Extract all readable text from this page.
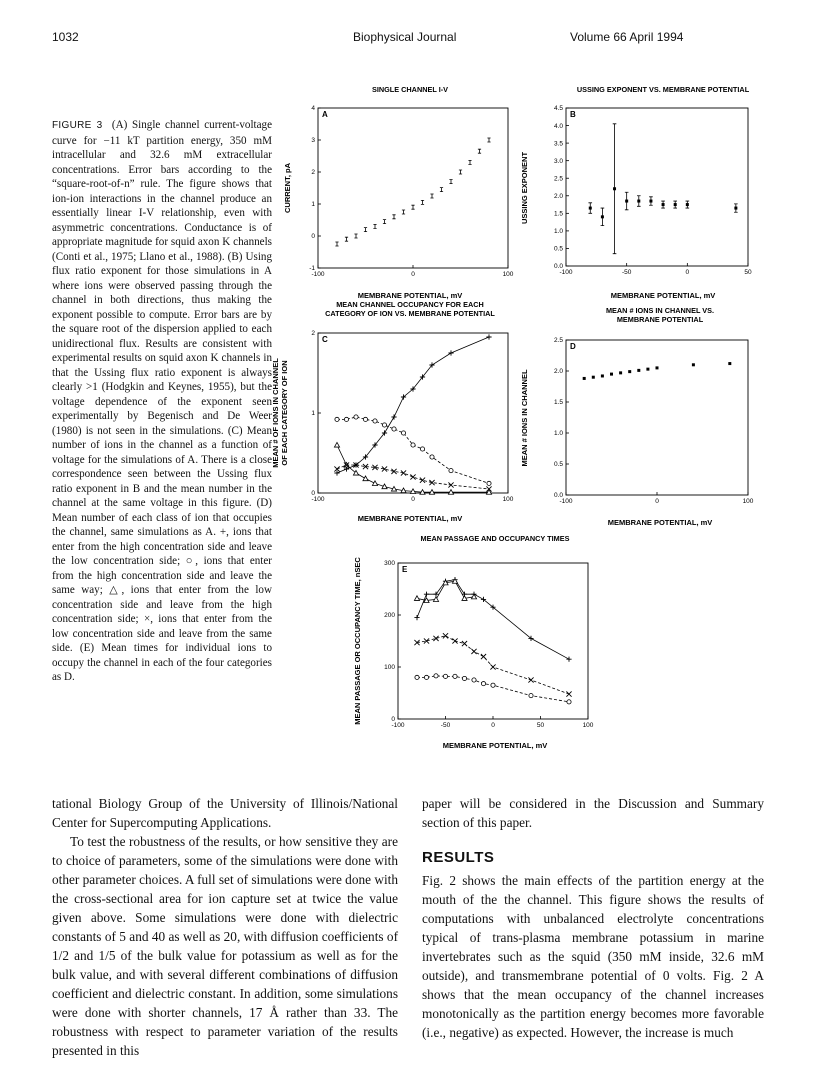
1032	Biophysical Journal	Volume 66 April 1994
FIGURE 3 (A) Single channel current-voltage curve for −11 kT partition energy, 350 mM intracellular and 32.6 mM extracellular concentrations. Error bars according to the “square-root-of-n” rule. The figure shows that ion-ion interactions in the channel produce an essentially linear I-V relationship, even with asymmetric concentrations. Conductance is of appropriate magnitude for squid axon K channels (Conti et al., 1975; Llano et al., 1988). (B) Using flux ratio exponent for those simulations in A where ions were observed passing through the channel in both directions, thus making the exponent possible to compute. Error bars are by the square root of the dispersion applied to each unidirectional flux. Results are consistent with experimental results on squid axon K channels in that the Ussing flux ratio exponent is always clearly >1 (Hodgkin and Keynes, 1955), but the voltage dependence of the exponent seen experimentally by Begenisch and De Weer (1980) is not seen in the simulations. (C) Mean number of ions in the channel as a function of voltage for the simulations of A. There is a close correspondence seen between the Ussing flux ratio exponent in B and the mean number in the channel at the same voltage in this figure. (D) Mean number of each class of ion that occupies the channel, same simulations as A. +, ions that enter from the high concentration side and leave the low concentration side; ○, ions that enter from the high concentration side and leave the same way; △, ions that enter from the low concentration side and leave from the high concentration side; ×, ions that enter from the low concentration side and leave from the same side. (E) Mean times for individual ions to occupy the channel in each of the four categories as D.
SINGLE CHANNEL I-V
A
-100	0	100
-1
0
1
2
3
4
MEMBRANE POTENTIAL, mV
CURRENT, pA
USSING EXPONENT VS. MEMBRANE POTENTIAL
B
-100	-50	0	50
0.0
0.5
1.0
1.5
2.0
2.5
3.0
3.5
4.0
4.5
MEMBRANE POTENTIAL, mV
USSING EXPONENT
MEAN CHANNEL OCCUPANCY FOR EACH
CATEGORY OF ION VS. MEMBRANE POTENTIAL
C
-100	0	100
0
1
2
MEMBRANE POTENTIAL, mV
MEAN # OF IONS IN CHANNEL OF EACH CATEGORY OF ION
MEAN # IONS IN CHANNEL VS.
MEMBRANE POTENTIAL
D
-100	0	100
0.0
0.5
1.0
1.5
2.0
2.5
MEMBRANE POTENTIAL, mV
MEAN # IONS IN CHANNEL
MEAN PASSAGE AND OCCUPANCY TIMES
E
-100	-50	0	50	100
0
100
200
300
MEMBRANE POTENTIAL, mV
MEAN PASSAGE OR OCCUPANCY TIME, nSEC

tational Biology Group of the University of Illinois/National Center for Supercomputing Applications.

To test the robustness of the results, or how sensitive they are to choice of parameters, some of the simulations were done with other parameter choices. A full set of simulations were done with the cross-sectional area for ion capture set at twice the value given above. Some simulations were done with dielectric constants of 5 and 40 as well as 20, with diffusion coefficients of 1/2 and 1/5 of the bulk value for potassium as well as for the bulk value, and with several different combinations of diffusion coefficient and dielectric constant. In addition, some simulations were done with shorter channels, 17 Å rather than 33. The robustness with respect to parameter variation of the results presented in this

paper will be considered in the Discussion and Summary section of this paper.

RESULTS

Fig. 2 shows the main effects of the partition energy at the mouth of the the channel. This figure shows the results of computations with unbalanced electrolyte concentrations typical of trans-plasma membrane potassium in marine invertebrates such as the squid (350 mM inside, 32.6 mM outside), and transmembrane potential of 0 volts. Fig. 2 A shows that the mean occupancy of the channel increases monotonically as the partition energy becomes more favorable (i.e., negative) as expected. However, the increase is much
